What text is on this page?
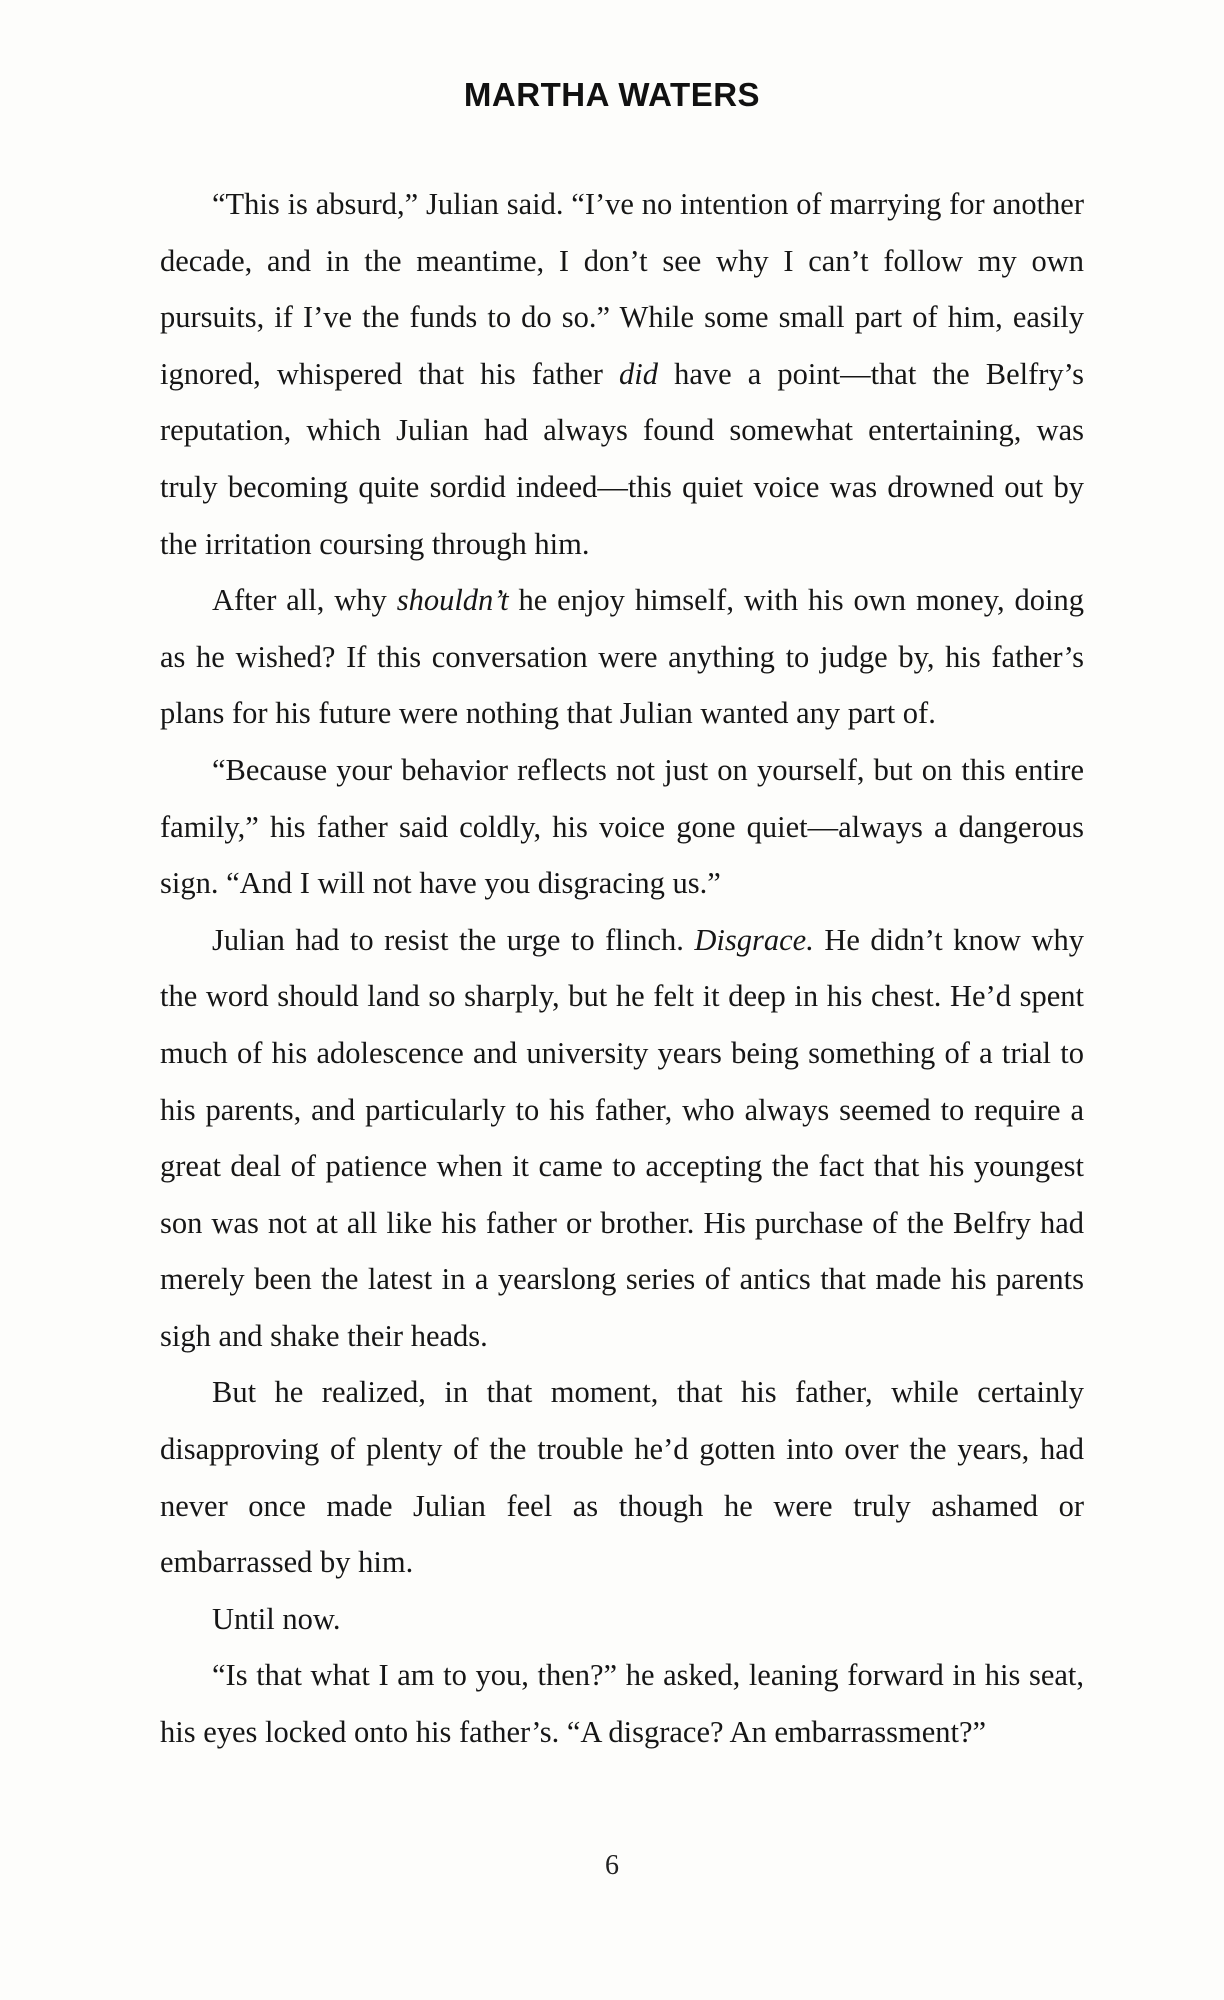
MARTHA WATERS

“This is absurd,” Julian said. “I’ve no intention of marrying for another decade, and in the meantime, I don’t see why I can’t follow my own pursuits, if I’ve the funds to do so.” While some small part of him, easily ignored, whispered that his father did have a point—that the Belfry’s reputation, which Julian had always found somewhat entertaining, was truly becoming quite sordid indeed—this quiet voice was drowned out by the irritation coursing through him.

After all, why shouldn’t he enjoy himself, with his own money, doing as he wished? If this conversation were anything to judge by, his father’s plans for his future were nothing that Julian wanted any part of.

“Because your behavior reflects not just on yourself, but on this entire family,” his father said coldly, his voice gone quiet—always a dangerous sign. “And I will not have you disgracing us.”

Julian had to resist the urge to flinch. Disgrace. He didn’t know why the word should land so sharply, but he felt it deep in his chest. He’d spent much of his adolescence and university years being something of a trial to his parents, and particularly to his father, who always seemed to require a great deal of patience when it came to accepting the fact that his youngest son was not at all like his father or brother. His purchase of the Belfry had merely been the latest in a yearslong series of antics that made his parents sigh and shake their heads.

But he realized, in that moment, that his father, while certainly disapproving of plenty of the trouble he’d gotten into over the years, had never once made Julian feel as though he were truly ashamed or embarrassed by him.

Until now.

“Is that what I am to you, then?” he asked, leaning forward in his seat, his eyes locked onto his father’s. “A disgrace? An embarrassment?”

6
